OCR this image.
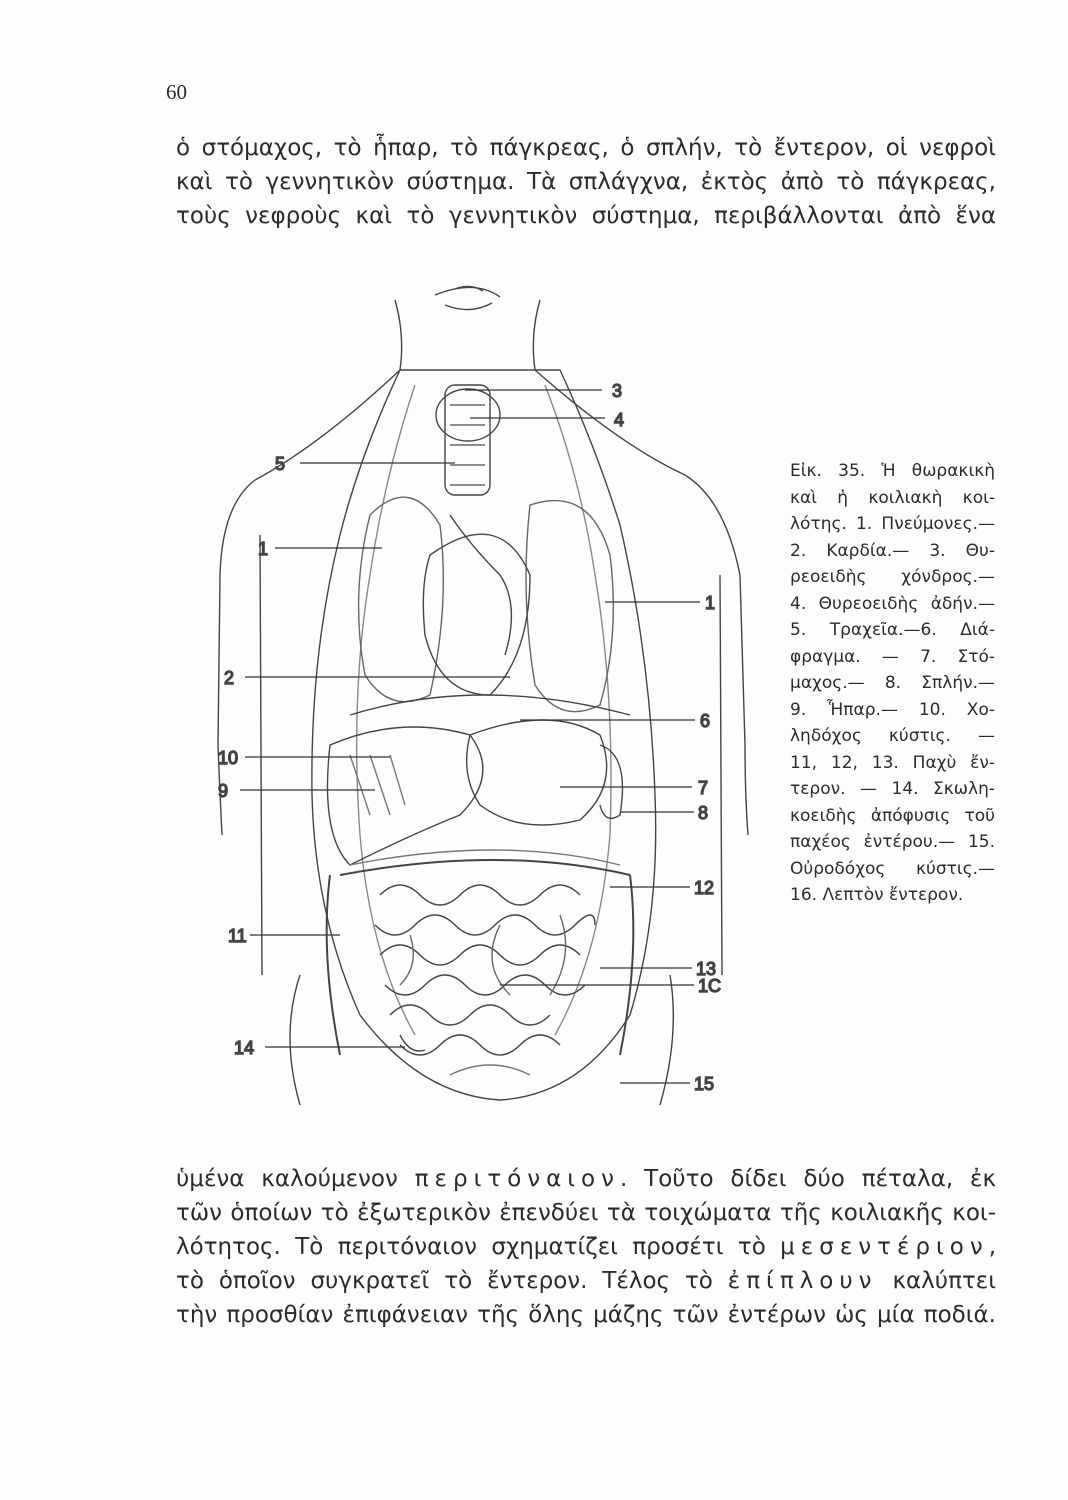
60

ὁ στόμαχος, τὸ ἧπαρ, τὸ πάγκρεας, ὁ σπλήν, τὸ ἔντερον, οἱ νεφροὶ
καὶ τὸ γεννητικὸν σύστημα. Τὰ σπλάγχνα, ἐκτὸς ἀπὸ τὸ πάγκρεας,
τοὺς νεφροὺς καὶ τὸ γεννητικὸν σύστημα, περιβάλλονται ἀπὸ ἕνα

3
4
5
1
1
2
6
10
9	7
8
12
11
13
1C
14
15

Εἰκ. 35. Ἡ θωρακικὴ
καὶ ἡ κοιλιακὴ κοι-
λότης. 1. Πνεύμονες.—
2. Καρδία.— 3. Θυ-
ρεοειδὴς χόνδρος.—
4. Θυρεοειδὴς ἀδήν.—
5. Τραχεῖα.—6. Διά-
φραγμα. — 7. Στό-
μαχος.— 8. Σπλήν.—
9. Ἧπαρ.— 10. Χο-
ληδόχος κύστις. —
11, 12, 13. Παχὺ ἔν-
τερον. — 14. Σκωλη-
κοειδὴς ἀπόφυσις τοῦ
παχέος ἐντέρου.— 15.
Οὐροδόχος κύστις.—
16. Λεπτὸν ἔντερον.

ὑμένα καλούμενον περιτόναιον. Τοῦτο δίδει δύο πέταλα, ἐκ
τῶν ὁποίων τὸ ἐξωτερικὸν ἐπενδύει τὰ τοιχώματα τῆς κοιλιακῆς κοι-
λότητος. Τὸ περιτόναιον σχηματίζει προσέτι τὸ μεσεντέριον,
τὸ ὁποῖον συγκρατεῖ τὸ ἔντερον. Τέλος τὸ ἐπίπλουν καλύπτει
τὴν προσθίαν ἐπιφάνειαν τῆς ὅλης μάζης τῶν ἐντέρων ὡς μία ποδιά.
